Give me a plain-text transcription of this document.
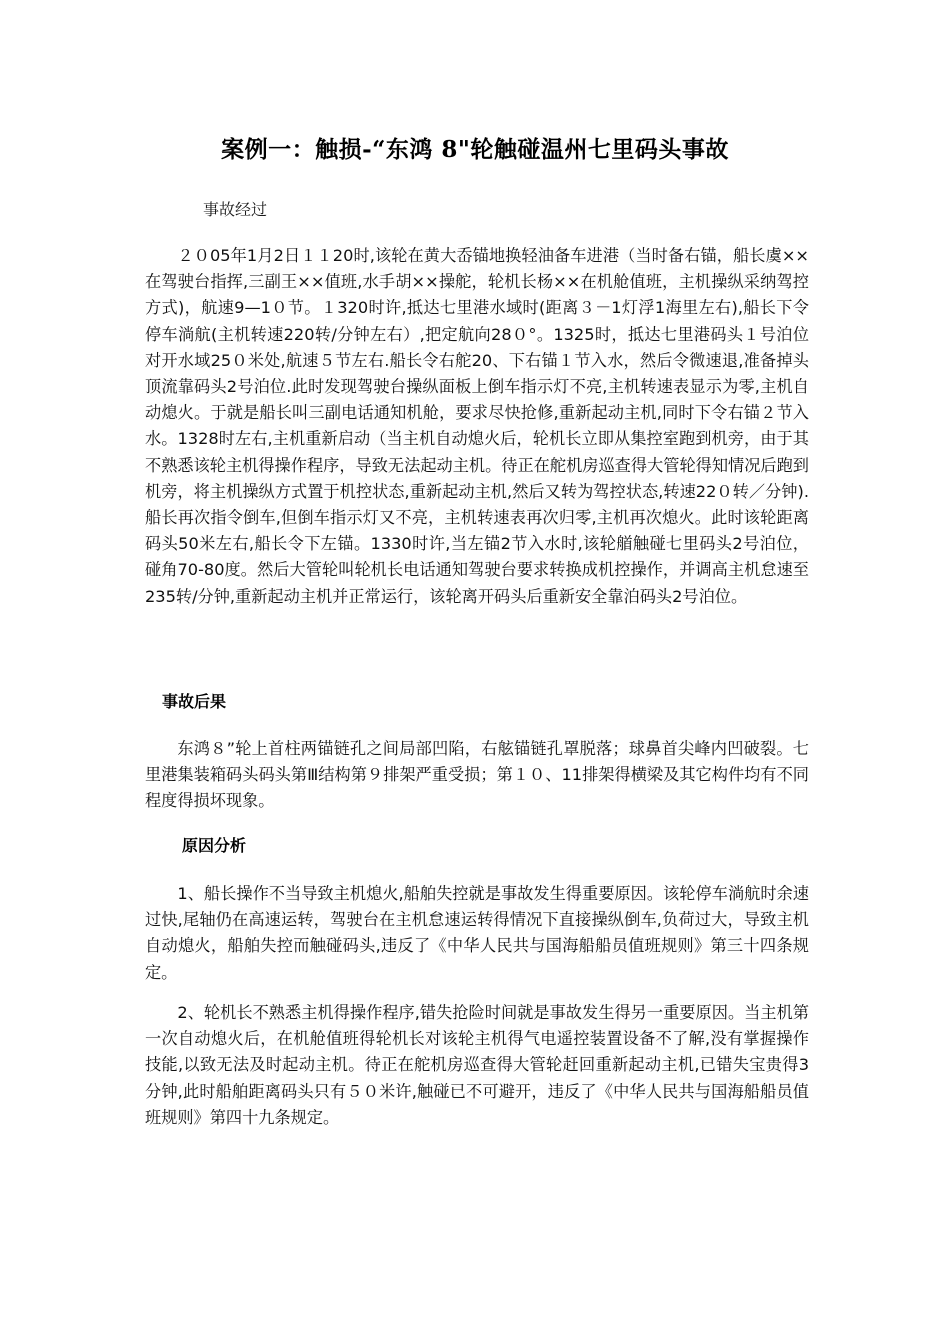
案例一：触损-“东鸿 8"轮触碰温州七里码头事故
事故经过

２０05年1月2日１１20时,该轮在黄大岙锚地换轻油备车进港（当时备右锚，船长虞××在驾驶台指挥,三副王××值班,水手胡××操舵，轮机长杨××在机舱值班，主机操纵采纳驾控方式)，航速9—1０节。１320时许,抵达七里港水域时(距离３－1灯浮1海里左右),船长下令停车淌航(主机转速220转/分钟左右）,把定航向28０°。1325时，抵达七里港码头１号泊位对开水域25０米处,航速５节左右.船长令右舵20、下右锚１节入水，然后令微速退,准备掉头顶流靠码头2号泊位.此时发现驾驶台操纵面板上倒车指示灯不亮,主机转速表显示为零,主机自动熄火。于就是船长叫三副电话通知机舱，要求尽快抢修,重新起动主机,同时下令右锚２节入水。1328时左右,主机重新启动（当主机自动熄火后，轮机长立即从集控室跑到机旁，由于其不熟悉该轮主机得操作程序，导致无法起动主机。待正在舵机房巡查得大管轮得知情况后跑到机旁，将主机操纵方式置于机控状态,重新起动主机,然后又转为驾控状态,转速22０转／分钟).船长再次指令倒车,但倒车指示灯又不亮，主机转速表再次归零,主机再次熄火。此时该轮距离码头50米左右,船长令下左锚。1330时许,当左锚2节入水时,该轮艏触碰七里码头2号泊位，碰角70-80度。然后大管轮叫轮机长电话通知驾驶台要求转换成机控操作，并调高主机怠速至235转/分钟,重新起动主机并正常运行，该轮离开码头后重新安全靠泊码头2号泊位。

事故后果

东鸿８”轮上首柱两锚链孔之间局部凹陷，右舷锚链孔罩脱落；球鼻首尖峰内凹破裂。七里港集装箱码头码头第Ⅲ结构第９排架严重受损；第１０、11排架得横梁及其它构件均有不同程度得损坏现象。

原因分析

1、船长操作不当导致主机熄火,船舶失控就是事故发生得重要原因。该轮停车淌航时余速过快,尾轴仍在高速运转，驾驶台在主机怠速运转得情况下直接操纵倒车,负荷过大，导致主机自动熄火，船舶失控而触碰码头,违反了《中华人民共与国海船船员值班规则》第三十四条规定。

2、轮机长不熟悉主机得操作程序,错失抢险时间就是事故发生得另一重要原因。当主机第一次自动熄火后，在机舱值班得轮机长对该轮主机得气电遥控装置设备不了解,没有掌握操作技能,以致无法及时起动主机。待正在舵机房巡查得大管轮赶回重新起动主机,已错失宝贵得3分钟,此时船舶距离码头只有５０米许,触碰已不可避开，违反了《中华人民共与国海船船员值班规则》第四十九条规定。
